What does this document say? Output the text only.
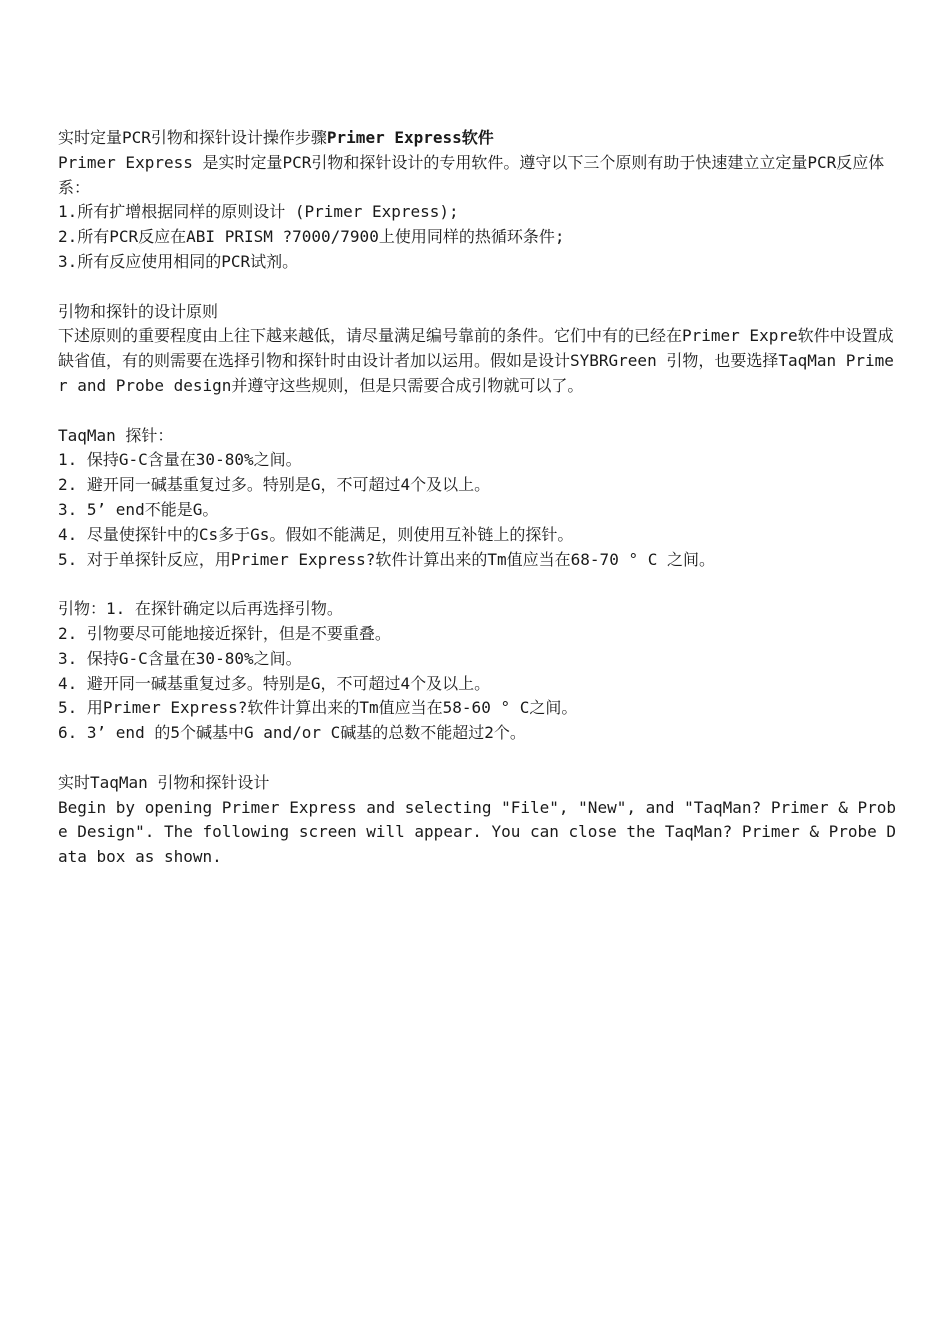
实时定量PCR引物和探针设计操作步骤Primer Express软件

Primer Express 是实时定量PCR引物和探针设计的专用软件。遵守以下三个原则有助于快速建立立定量PCR反应体系：

1.所有扩增根据同样的原则设计 (Primer Express);

2.所有PCR反应在ABI PRISM ?7000/7900上使用同样的热循环条件;

3.所有反应使用相同的PCR试剂。

引物和探针的设计原则

下述原则的重要程度由上往下越来越低，请尽量满足编号靠前的条件。它们中有的已经在Primer Expre软件中设置成缺省值，有的则需要在选择引物和探针时由设计者加以运用。假如是设计SYBRGreen 引物，也要选择TaqMan Primer and Probe design并遵守这些规则，但是只需要合成引物就可以了。

TaqMan 探针：

1. 保持G-C含量在30-80%之间。

2. 避开同一碱基重复过多。特别是G，不可超过4个及以上。

3. 5’ end不能是G。

4. 尽量使探针中的Cs多于Gs。假如不能满足，则使用互补链上的探针。

5. 对于单探针反应，用Primer Express?软件计算出来的Tm值应当在68-70 ° C 之间。

引物：1. 在探针确定以后再选择引物。

2. 引物要尽可能地接近探针，但是不要重叠。

3. 保持G-C含量在30-80%之间。

4. 避开同一碱基重复过多。特别是G，不可超过4个及以上。

5. 用Primer Express?软件计算出来的Tm值应当在58-60 ° C之间。

6. 3’ end 的5个碱基中G and/or C碱基的总数不能超过2个。

实时TaqMan 引物和探针设计

Begin by opening Primer Express and selecting "File", "New", and "TaqMan? Primer & Probe Design". The following screen will appear. You can close the TaqMan? Primer & Probe Data box as shown.
